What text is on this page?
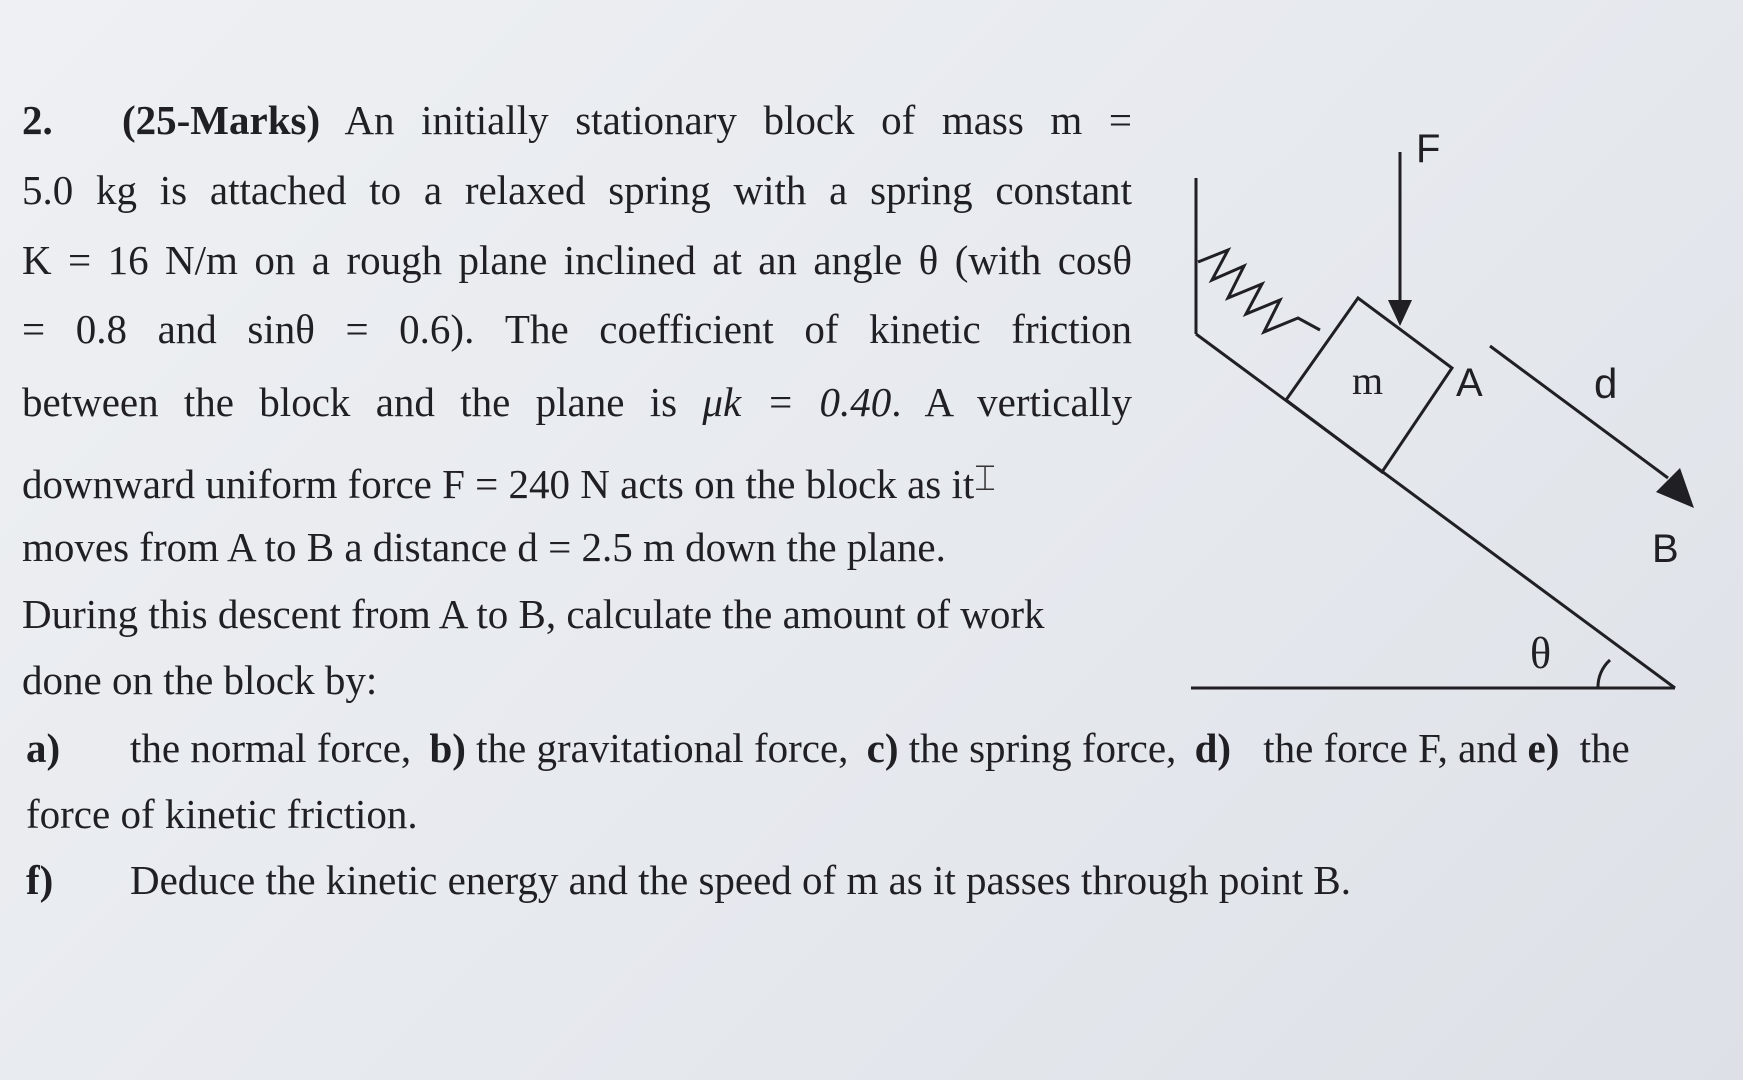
2. (25-Marks) An initially stationary block of mass m =
5.0 kg is attached to a relaxed spring with a spring constant
K = 16 N/m on a rough plane inclined at an angle θ (with cosθ
= 0.8 and sinθ = 0.6). The coefficient of kinetic friction
between the block and the plane is μk = 0.40. A vertically
downward uniform force F = 240 N acts on the block as it⌶
moves from A to B a distance d = 2.5 m down the plane.
During this descent from A to B, calculate the amount of work
done on the block by:
a) the normal force, b) the gravitational force, c) the spring force, d) the force F, and e) the
force of kinetic friction.
f) Deduce the kinetic energy and the speed of m as it passes through point B.
F
m A	d
B
θ
